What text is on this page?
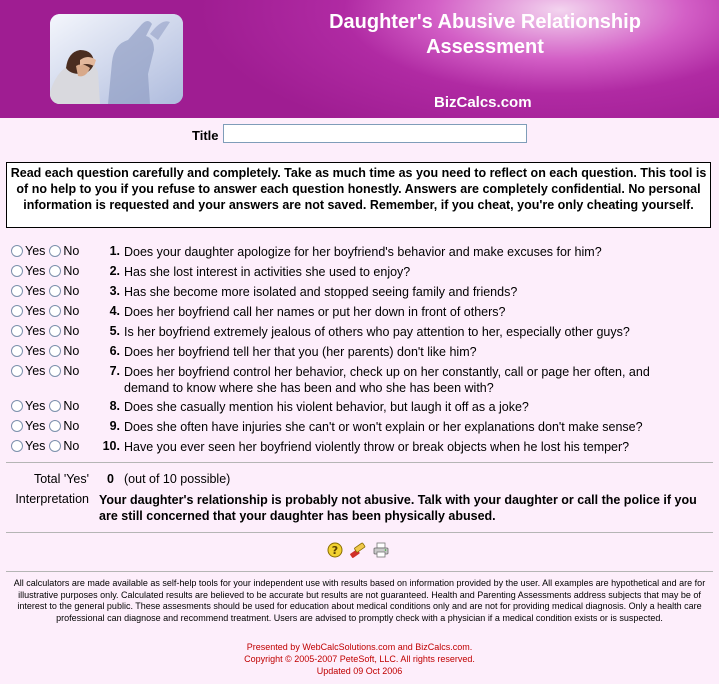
Daughter's Abusive Relationship Assessment
BizCalcs.com
Title
Read each question carefully and completely. Take as much time as you need to reflect on each question. This tool is of no help to you if you refuse to answer each question honestly. Answers are completely confidential. No personal information is requested and your answers are not saved. Remember, if you cheat, you're only cheating yourself.
Yes No	1. Does your daughter apologize for her boyfriend's behavior and make excuses for him?
Yes No	2. Has she lost interest in activities she used to enjoy?
Yes No	3. Has she become more isolated and stopped seeing family and friends?
Yes No	4. Does her boyfriend call her names or put her down in front of others?
Yes No	5. Is her boyfriend extremely jealous of others who pay attention to her, especially other guys?
Yes No	6. Does her boyfriend tell her that you (her parents) don't like him?
Yes No	7. Does her boyfriend control her behavior, check up on her constantly, call or page her often, and demand to know where she has been and who she has been with?
Yes No	8. Does she casually mention his violent behavior, but laugh it off as a joke?
Yes No	9. Does she often have injuries she can't or won't explain or her explanations don't make sense?
Yes No	10. Have you ever seen her boyfriend violently throw or break objects when he lost his temper?
Total 'Yes' 0 (out of 10 possible)
Interpretation Your daughter's relationship is probably not abusive. Talk with your daughter or call the police if you are still concerned that your daughter has been physically abused.
?
All calculators are made available as self-help tools for your independent use with results based on information provided by the user. All examples are hypothetical and are for illustrative purposes only. Calculated results are believed to be accurate but results are not guaranteed. Health and Parenting Assessments address subjects that may be of interest to the general public. These assesments should be used for education about medical conditions only and are not for providing medical diagnosis. Only a health care professional can diagnose and recommend treatment. Users are advised to promptly check with a physician if a medical condition exists or is suspected.
Presented by WebCalcSolutions.com and BizCalcs.com.
Copyright © 2005-2007 PeteSoft, LLC. All rights reserved.
Updated 09 Oct 2006
